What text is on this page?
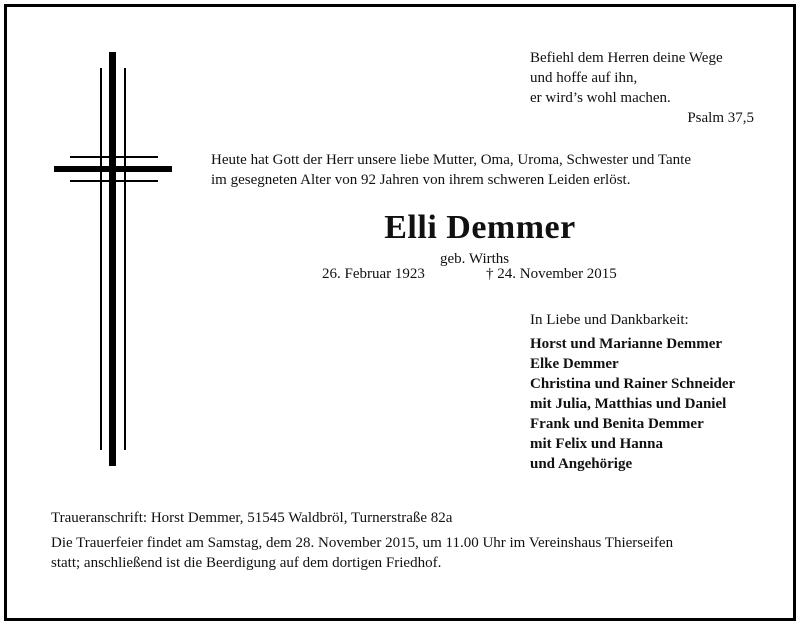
Befiehl dem Herren deine Wege
und hoffe auf ihn,
er wird’s wohl machen.
Psalm 37,5
Heute hat Gott der Herr unsere liebe Mutter, Oma, Uroma, Schwester und Tante
im gesegneten Alter von 92 Jahren von ihrem schweren Leiden erlöst.
Elli Demmer
geb. Wirths
26. Februar 1923	† 24. November 2015
In Liebe und Dankbarkeit:
Horst und Marianne Demmer
Elke Demmer
Christina und Rainer Schneider
mit Julia, Matthias und Daniel
Frank und Benita Demmer
mit Felix und Hanna
und Angehörige
Traueranschrift: Horst Demmer, 51545 Waldbröl, Turnerstraße 82a
Die Trauerfeier findet am Samstag, dem 28. November 2015, um 11.00 Uhr im Vereinshaus Thierseifen
statt; anschließend ist die Beerdigung auf dem dortigen Friedhof.
